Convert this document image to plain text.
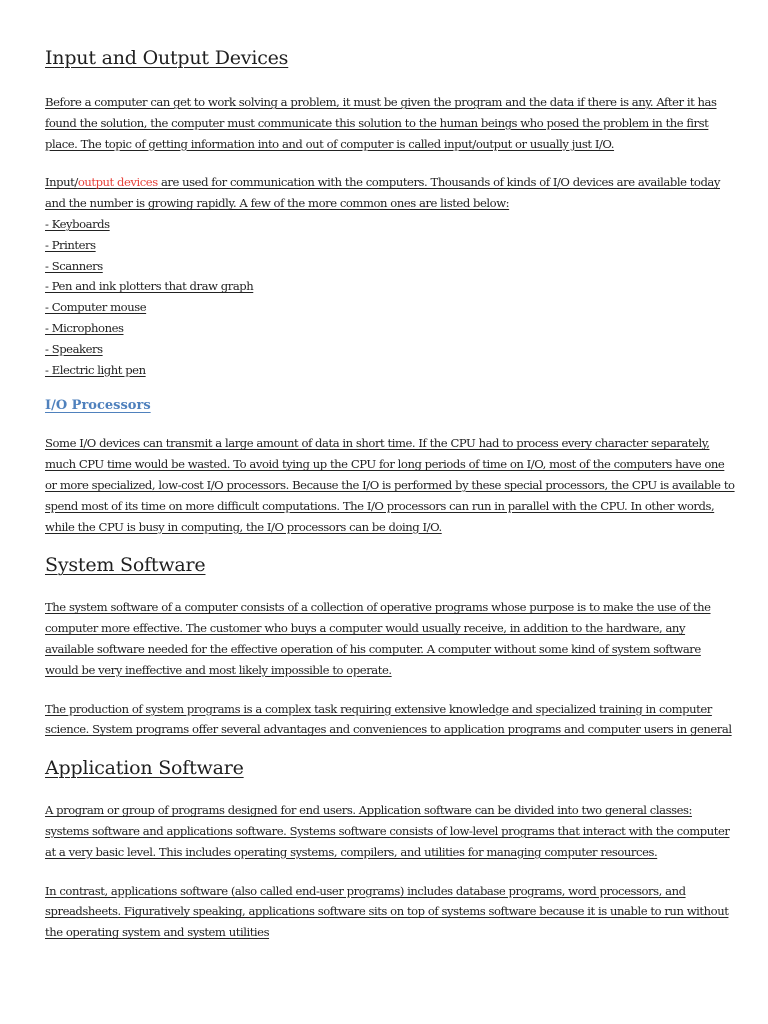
Input and Output Devices

Before a computer can get to work solving a problem, it must be given the program and the data if there is any. After it has found the solution, the computer must communicate this solution to the human beings who posed the problem in the first place. The topic of getting information into and out of computer is called input/output or usually just I/O.

Input/output devices are used for communication with the computers. Thousands of kinds of I/O devices are available today and the number is growing rapidly. A few of the more common ones are listed below:

- Keyboards
- Printers
- Scanners
- Pen and ink plotters that draw graph
- Computer mouse
- Microphones
- Speakers
- Electric light pen
I/O Processors

Some I/O devices can transmit a large amount of data in short time. If the CPU had to process every character separately, much CPU time would be wasted. To avoid tying up the CPU for long periods of time on I/O, most of the computers have one or more specialized, low-cost I/O processors. Because the I/O is performed by these special processors, the CPU is available to spend most of its time on more difficult computations. The I/O processors can run in parallel with the CPU. In other words, while the CPU is busy in computing, the I/O processors can be doing I/O.

System Software

The system software of a computer consists of a collection of operative programs whose purpose is to make the use of the computer more effective. The customer who buys a computer would usually receive, in addition to the hardware, any available software needed for the effective operation of his computer. A computer without some kind of system software would be very ineffective and most likely impossible to operate.

The production of system programs is a complex task requiring extensive knowledge and specialized training in computer science. System programs offer several advantages and conveniences to application programs and computer users in general

Application Software

A program or group of programs designed for end users. Application software can be divided into two general classes: systems software and applications software. Systems software consists of low-level programs that interact with the computer at a very basic level. This includes operating systems, compilers, and utilities for managing computer resources.

In contrast, applications software (also called end-user programs) includes database programs, word processors, and spreadsheets. Figuratively speaking, applications software sits on top of systems software because it is unable to run without the operating system and system utilities
